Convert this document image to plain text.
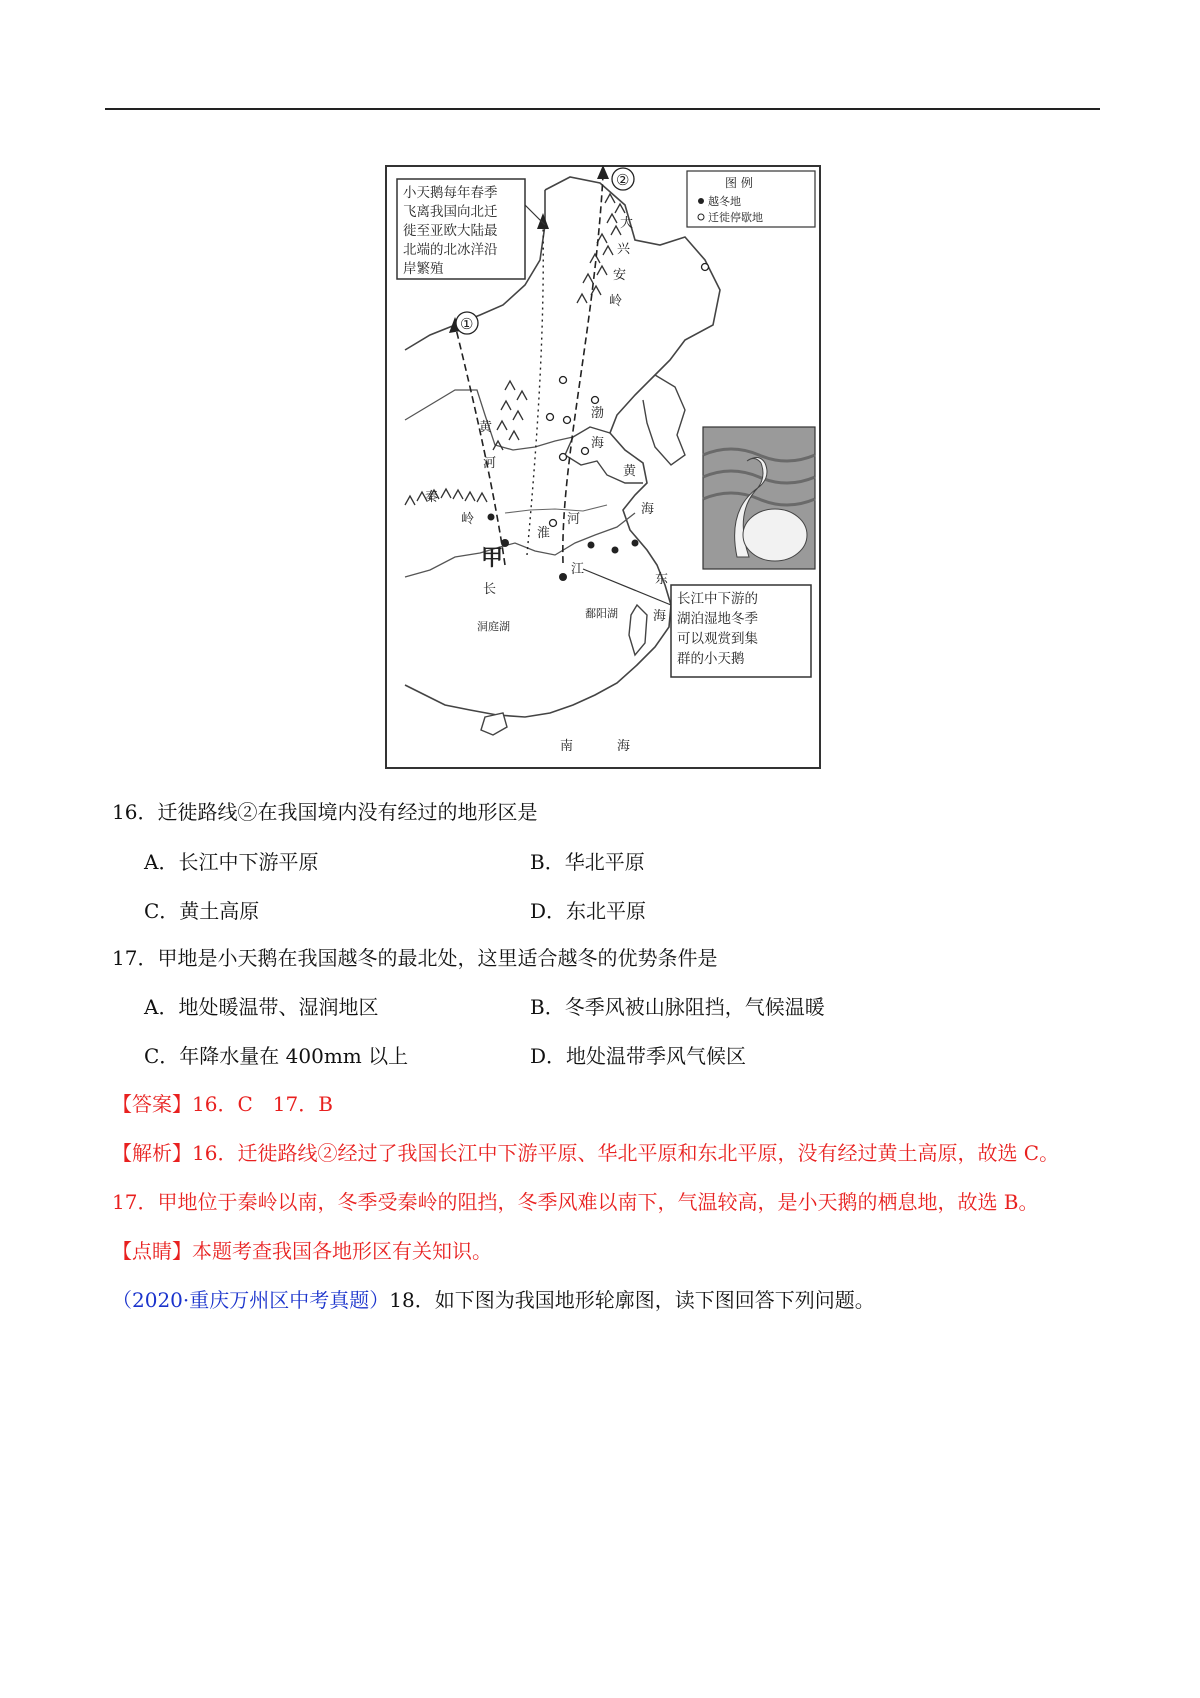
图 例
越冬地
迁徙停歇地
小天鹅每年春季
飞离我国向北迁
徙至亚欧大陆最
北端的北冰洋沿
岸繁殖
长江中下游的
湖泊湿地冬季
可以观赏到集
群的小天鹅
①
②
甲
洞庭湖
鄱阳湖
大
兴
安
岭
黄
河
秦
岭
淮
河
长
江
渤
海
黄
海
东
海
南	海
16．迁徙路线②在我国境内没有经过的地形区是
A．长江中下游平原	B．华北平原
C．黄土高原	D．东北平原
17．甲地是小天鹅在我国越冬的最北处，这里适合越冬的优势条件是
A．地处暖温带、湿润地区	B．冬季风被山脉阻挡，气候温暖
C．年降水量在 400mm 以上	D．地处温带季风气候区
【答案】16．C　17．B
【解析】16．迁徙路线②经过了我国长江中下游平原、华北平原和东北平原，没有经过黄土高原，故选 C。
17．甲地位于秦岭以南，冬季受秦岭的阻挡，冬季风难以南下，气温较高，是小天鹅的栖息地，故选 B。
【点睛】本题考查我国各地形区有关知识。
（2020·重庆万州区中考真题）18．如下图为我国地形轮廓图，读下图回答下列问题。
